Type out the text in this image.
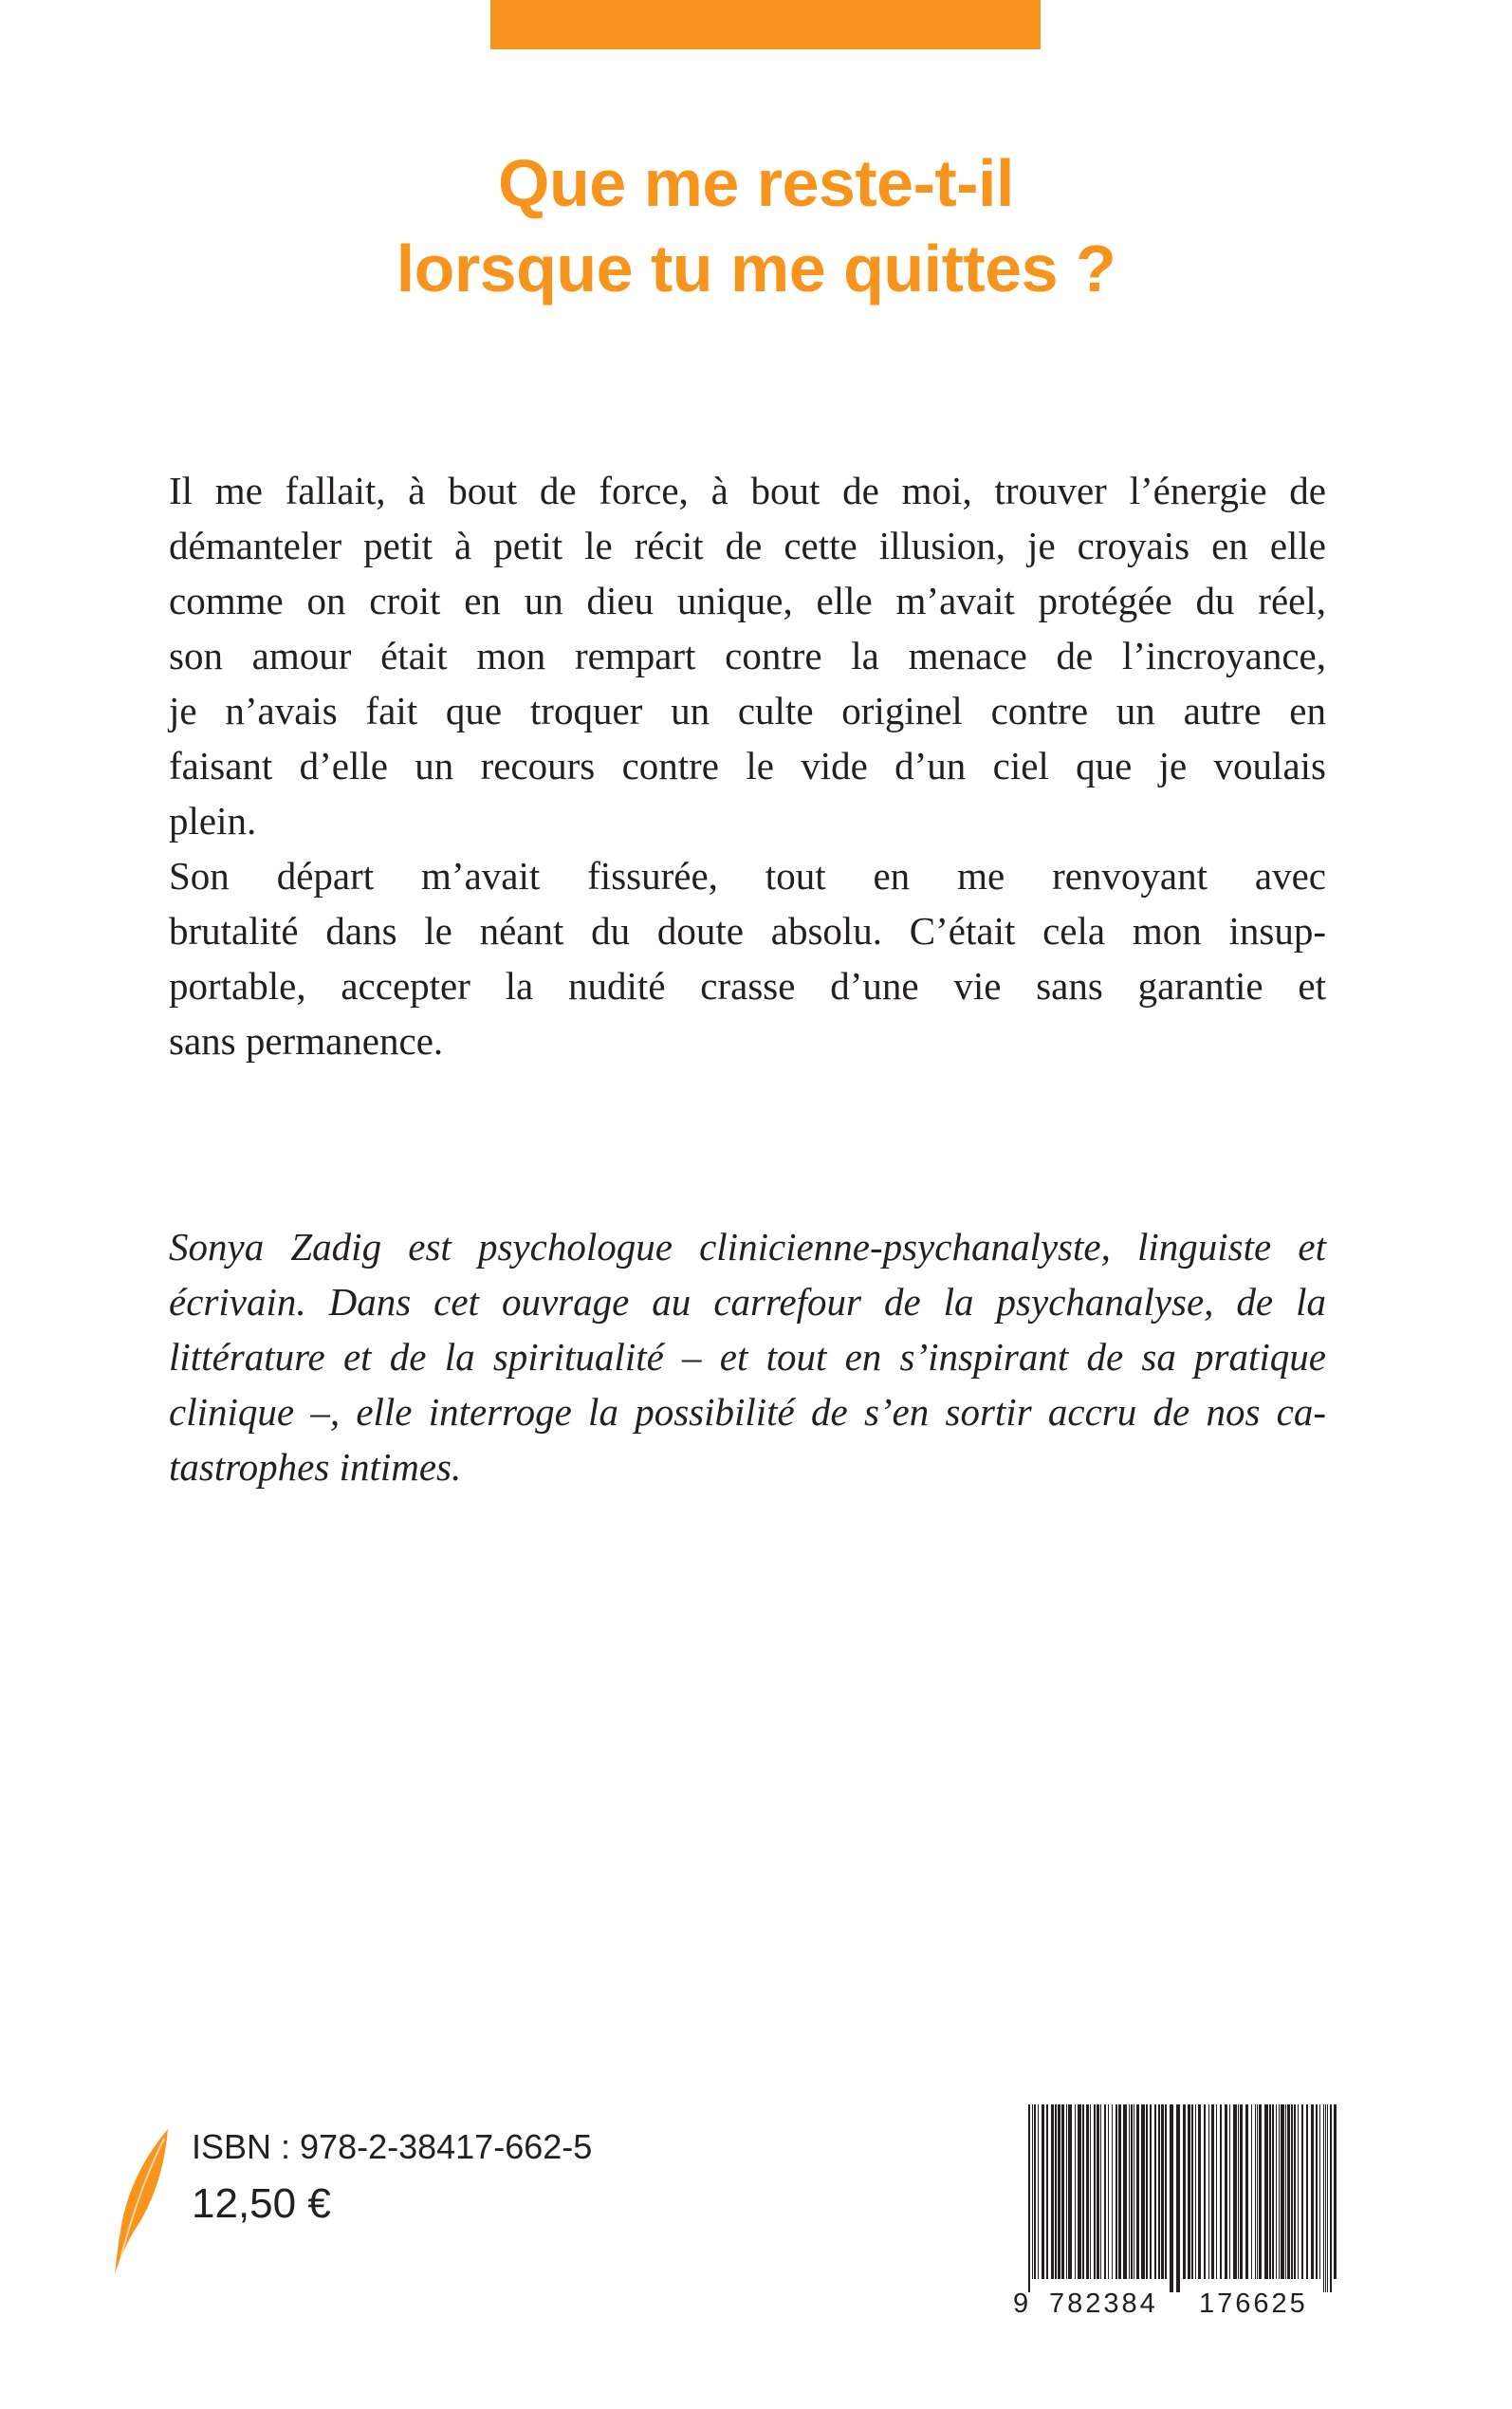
Que me reste-t-il
lorsque tu me quittes ?
Il me fallait, à bout de force, à bout de moi, trouver l’énergie de
démanteler petit à petit le récit de cette illusion, je croyais en elle
comme on croit en un dieu unique, elle m’avait protégée du réel,
son amour était mon rempart contre la menace de l’incroyance,
je n’avais fait que troquer un culte originel contre un autre en
faisant d’elle un recours contre le vide d’un ciel que je voulais
plein.
Son départ m’avait fissurée, tout en me renvoyant avec
brutalité dans le néant du doute absolu. C’était cela mon insup-
portable, accepter la nudité crasse d’une vie sans garantie et
sans permanence.
Sonya Zadig est psychologue clinicienne-psychanalyste, linguiste et
écrivain. Dans cet ouvrage au carrefour de la psychanalyse, de la
littérature et de la spiritualité – et tout en s’inspirant de sa pratique
clinique –, elle interroge la possibilité de s’en sortir accru de nos ca-
tastrophes intimes.
ISBN : 978-2-38417-662-5
12,50 €
9 782384 176625
